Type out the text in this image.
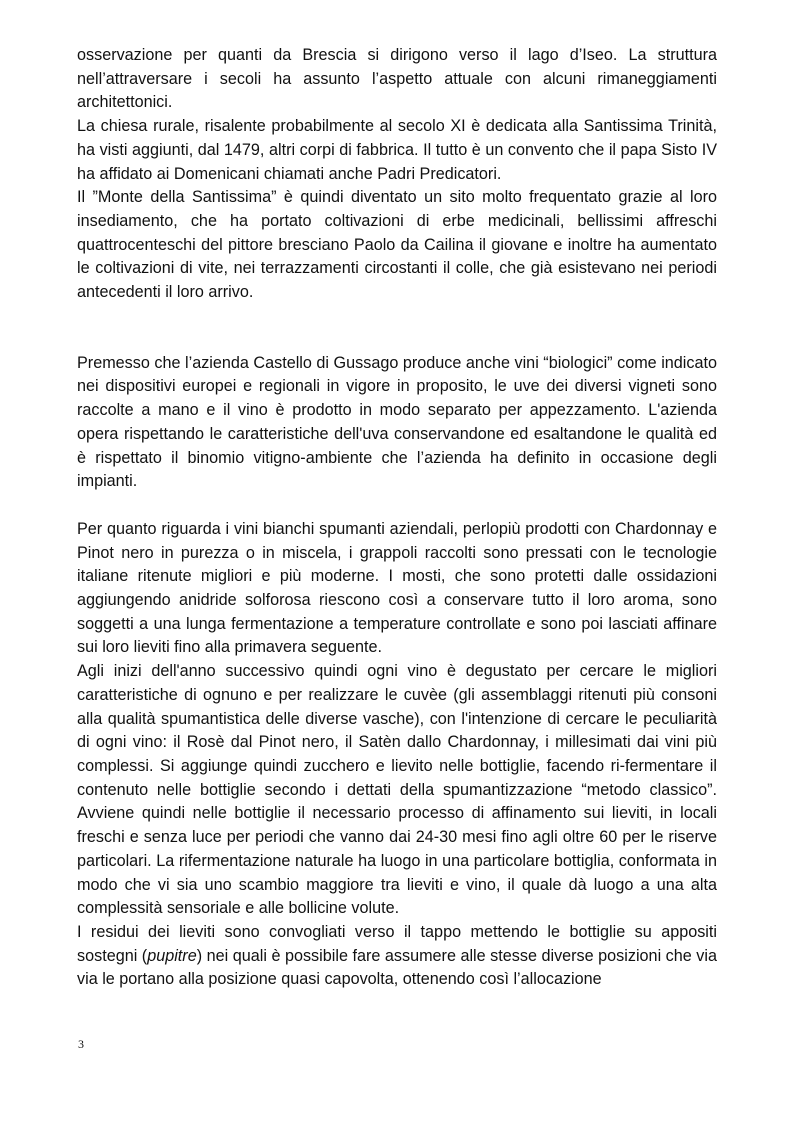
osservazione per quanti da Brescia si dirigono verso il lago d’Iseo. La struttura nell’attraversare i secoli ha assunto l’aspetto attuale con alcuni rimaneggiamenti architettonici.

La chiesa rurale, risalente probabilmente al secolo XI è dedicata alla Santissima Trinità, ha visti aggiunti, dal 1479, altri corpi di fabbrica. Il tutto è un convento che il papa Sisto IV ha affidato ai Domenicani chiamati anche Padri Predicatori.

Il ”Monte della Santissima” è quindi diventato un sito molto frequentato grazie al loro insediamento, che ha portato coltivazioni di erbe medicinali, bellissimi affreschi quattrocenteschi del pittore bresciano Paolo da Cailina il giovane e inoltre ha aumentato le coltivazioni di vite, nei terrazzamenti circostanti il colle, che già esistevano nei periodi antecedenti il loro arrivo.

Premesso che l’azienda Castello di Gussago produce anche vini “biologici” come indicato nei dispositivi europei e regionali in vigore in proposito, le uve dei diversi vigneti sono raccolte a mano e il vino è prodotto in modo separato per appezzamento. L'azienda opera rispettando le caratteristiche dell'uva conservandone ed esaltandone le qualità ed è rispettato il binomio vitigno-ambiente che l’azienda ha definito in occasione degli impianti.

Per quanto riguarda i vini bianchi spumanti aziendali, perlopiù prodotti con Chardonnay e Pinot nero in purezza o in miscela, i grappoli raccolti sono pressati con le tecnologie italiane ritenute migliori e più moderne. I mosti, che sono protetti dalle ossidazioni aggiungendo anidride solforosa riescono così a conservare tutto il loro aroma, sono soggetti a una lunga fermentazione a temperature controllate e sono poi lasciati affinare sui loro lieviti fino alla primavera seguente.

Agli inizi dell'anno successivo quindi ogni vino è degustato per cercare le migliori caratteristiche di ognuno e per realizzare le cuvèe (gli assemblaggi ritenuti più consoni alla qualità spumantistica delle diverse vasche), con l'intenzione di cercare le peculiarità di ogni vino: il Rosè dal Pinot nero, il Satèn dallo Chardonnay, i millesimati dai vini più complessi. Si aggiunge quindi zucchero e lievito nelle bottiglie, facendo ri-fermentare il contenuto nelle bottiglie secondo i dettati della spumantizzazione “metodo classico”. Avviene quindi nelle bottiglie il necessario processo di affinamento sui lieviti, in locali freschi e senza luce per periodi che vanno dai 24-30 mesi fino agli oltre 60 per le riserve particolari. La rifermentazione naturale ha luogo in una particolare bottiglia, conformata in modo che vi sia uno scambio maggiore tra lieviti e vino, il quale dà luogo a una alta complessità sensoriale e alle bollicine volute.

I residui dei lieviti sono convogliati verso il tappo mettendo le bottiglie su appositi sostegni (pupitre) nei quali è possibile fare assumere alle stesse diverse posizioni che via via le portano alla posizione quasi capovolta, ottenendo così l’allocazione

3
